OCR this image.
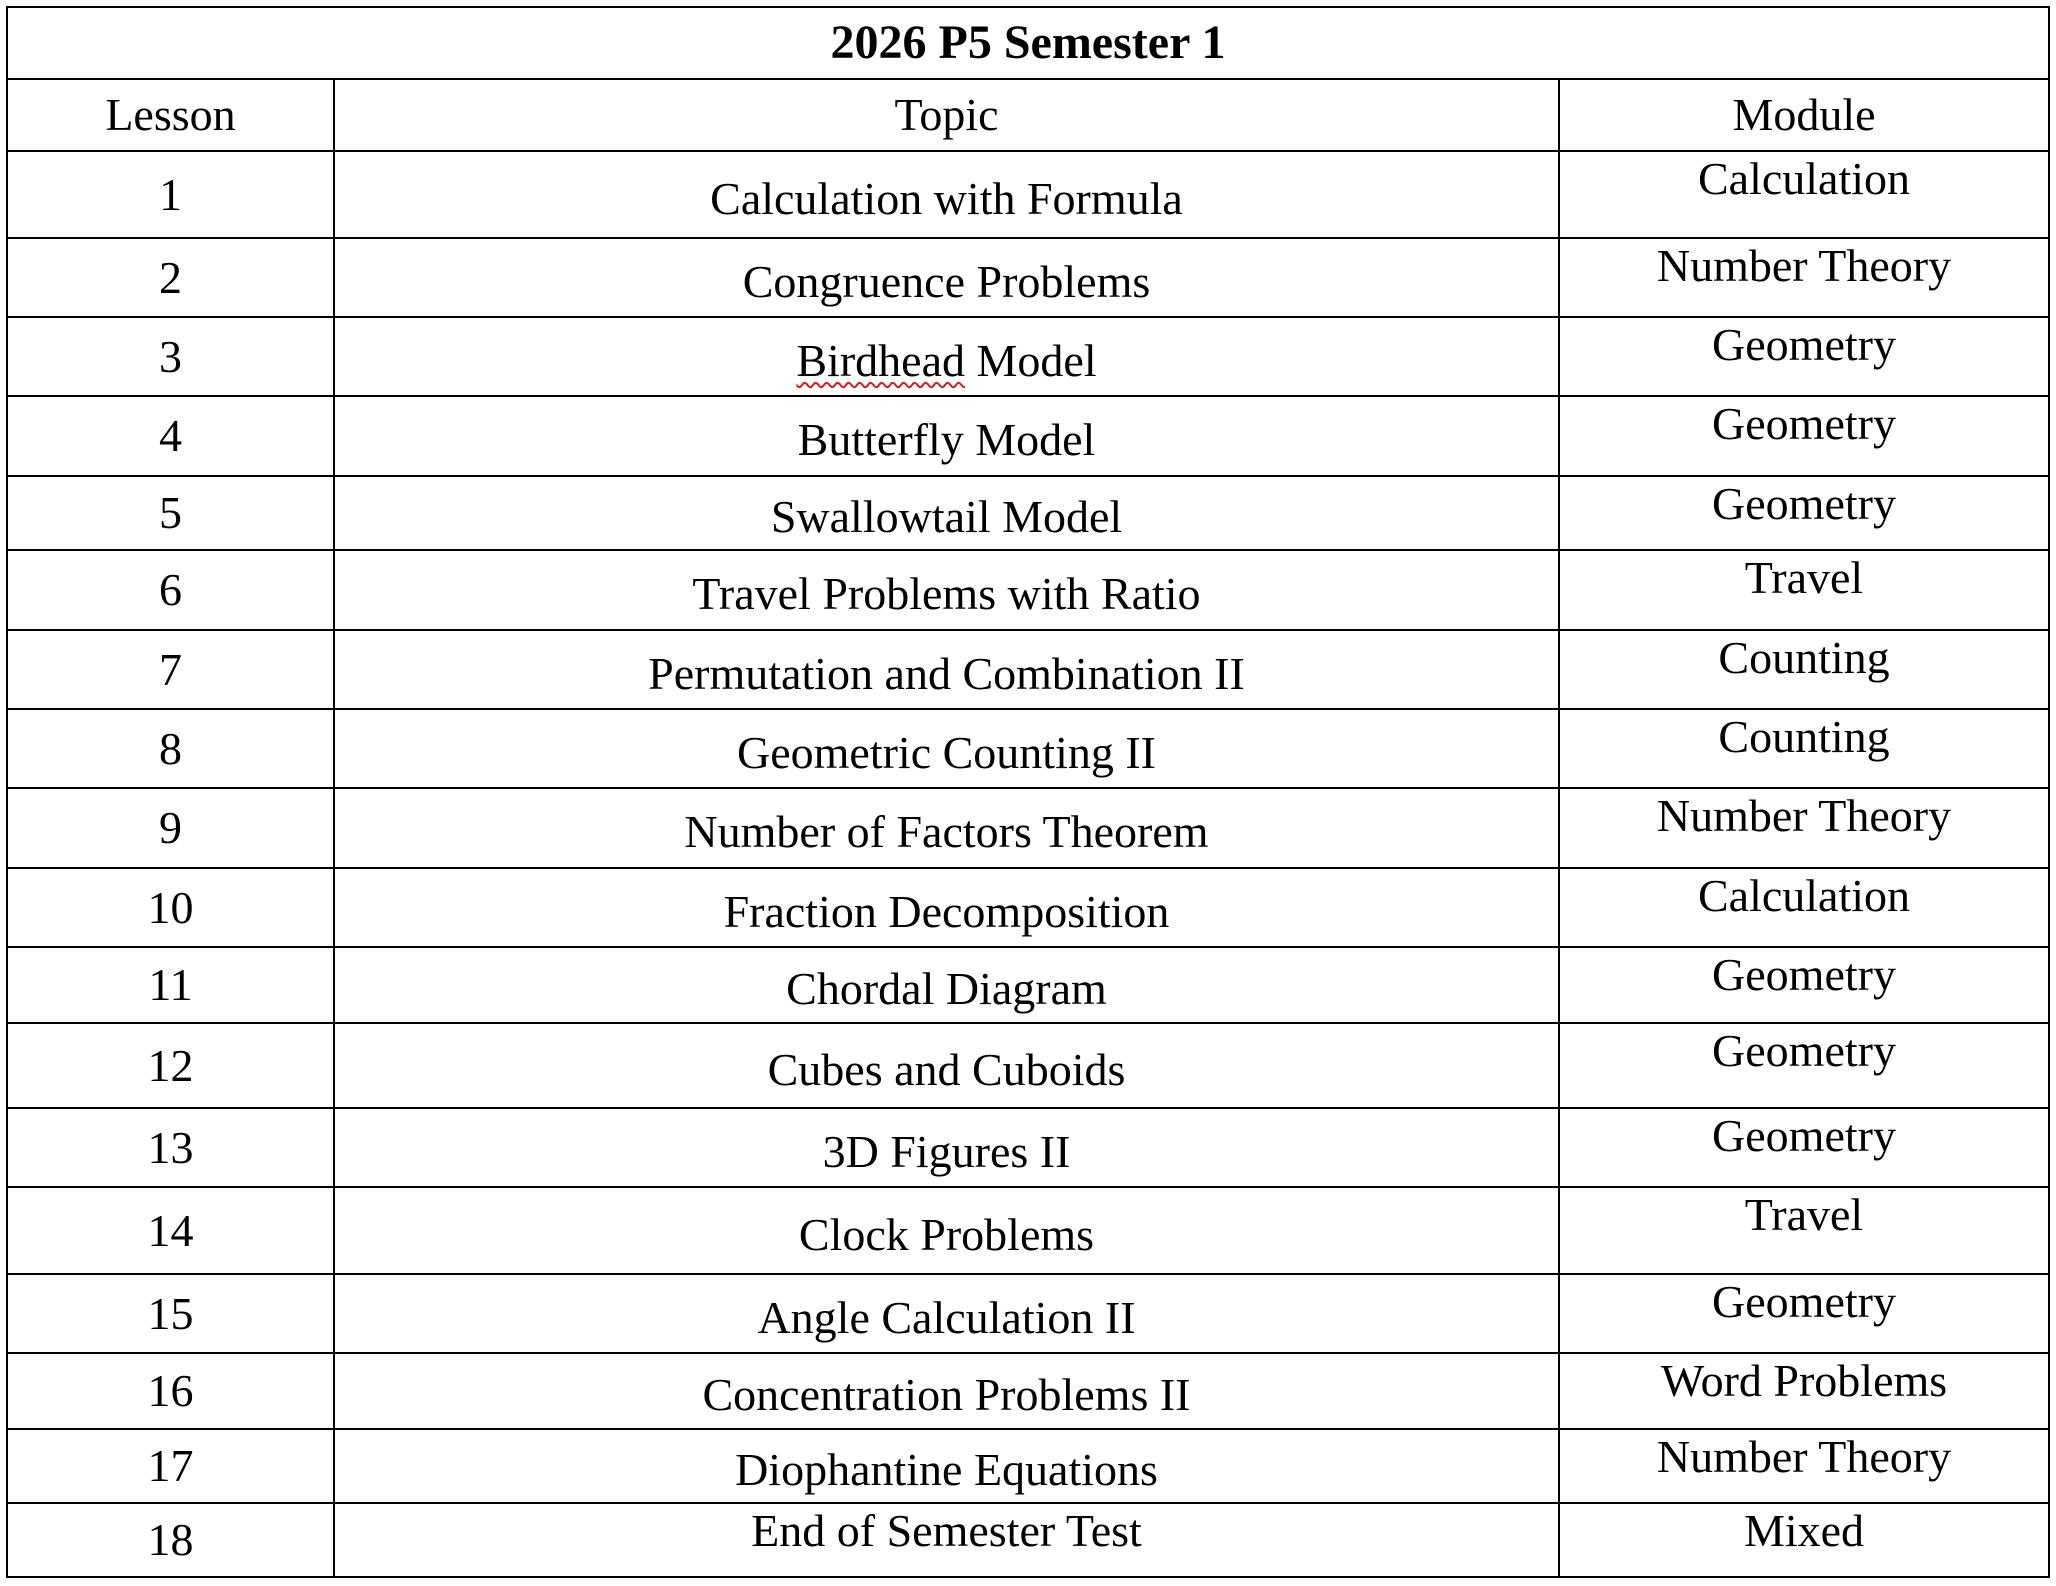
2026 P5 Semester 1		
Lesson	Topic	Module
1	Calculation with Formula	Calculation
2	Congruence Problems	Number Theory
3	Birdhead Model	Geometry
4	Butterfly Model	Geometry
5	Swallowtail Model	Geometry
6	Travel Problems with Ratio	Travel
7	Permutation and Combination II	Counting
8	Geometric Counting II	Counting
9	Number of Factors Theorem	Number Theory
10	Fraction Decomposition	Calculation
11	Chordal Diagram	Geometry
12	Cubes and Cuboids	Geometry
13	3D Figures II	Geometry
14	Clock Problems	Travel
15	Angle Calculation II	Geometry
16	Concentration Problems II	Word Problems
17	Diophantine Equations	Number Theory
18	End of Semester Test	Mixed
